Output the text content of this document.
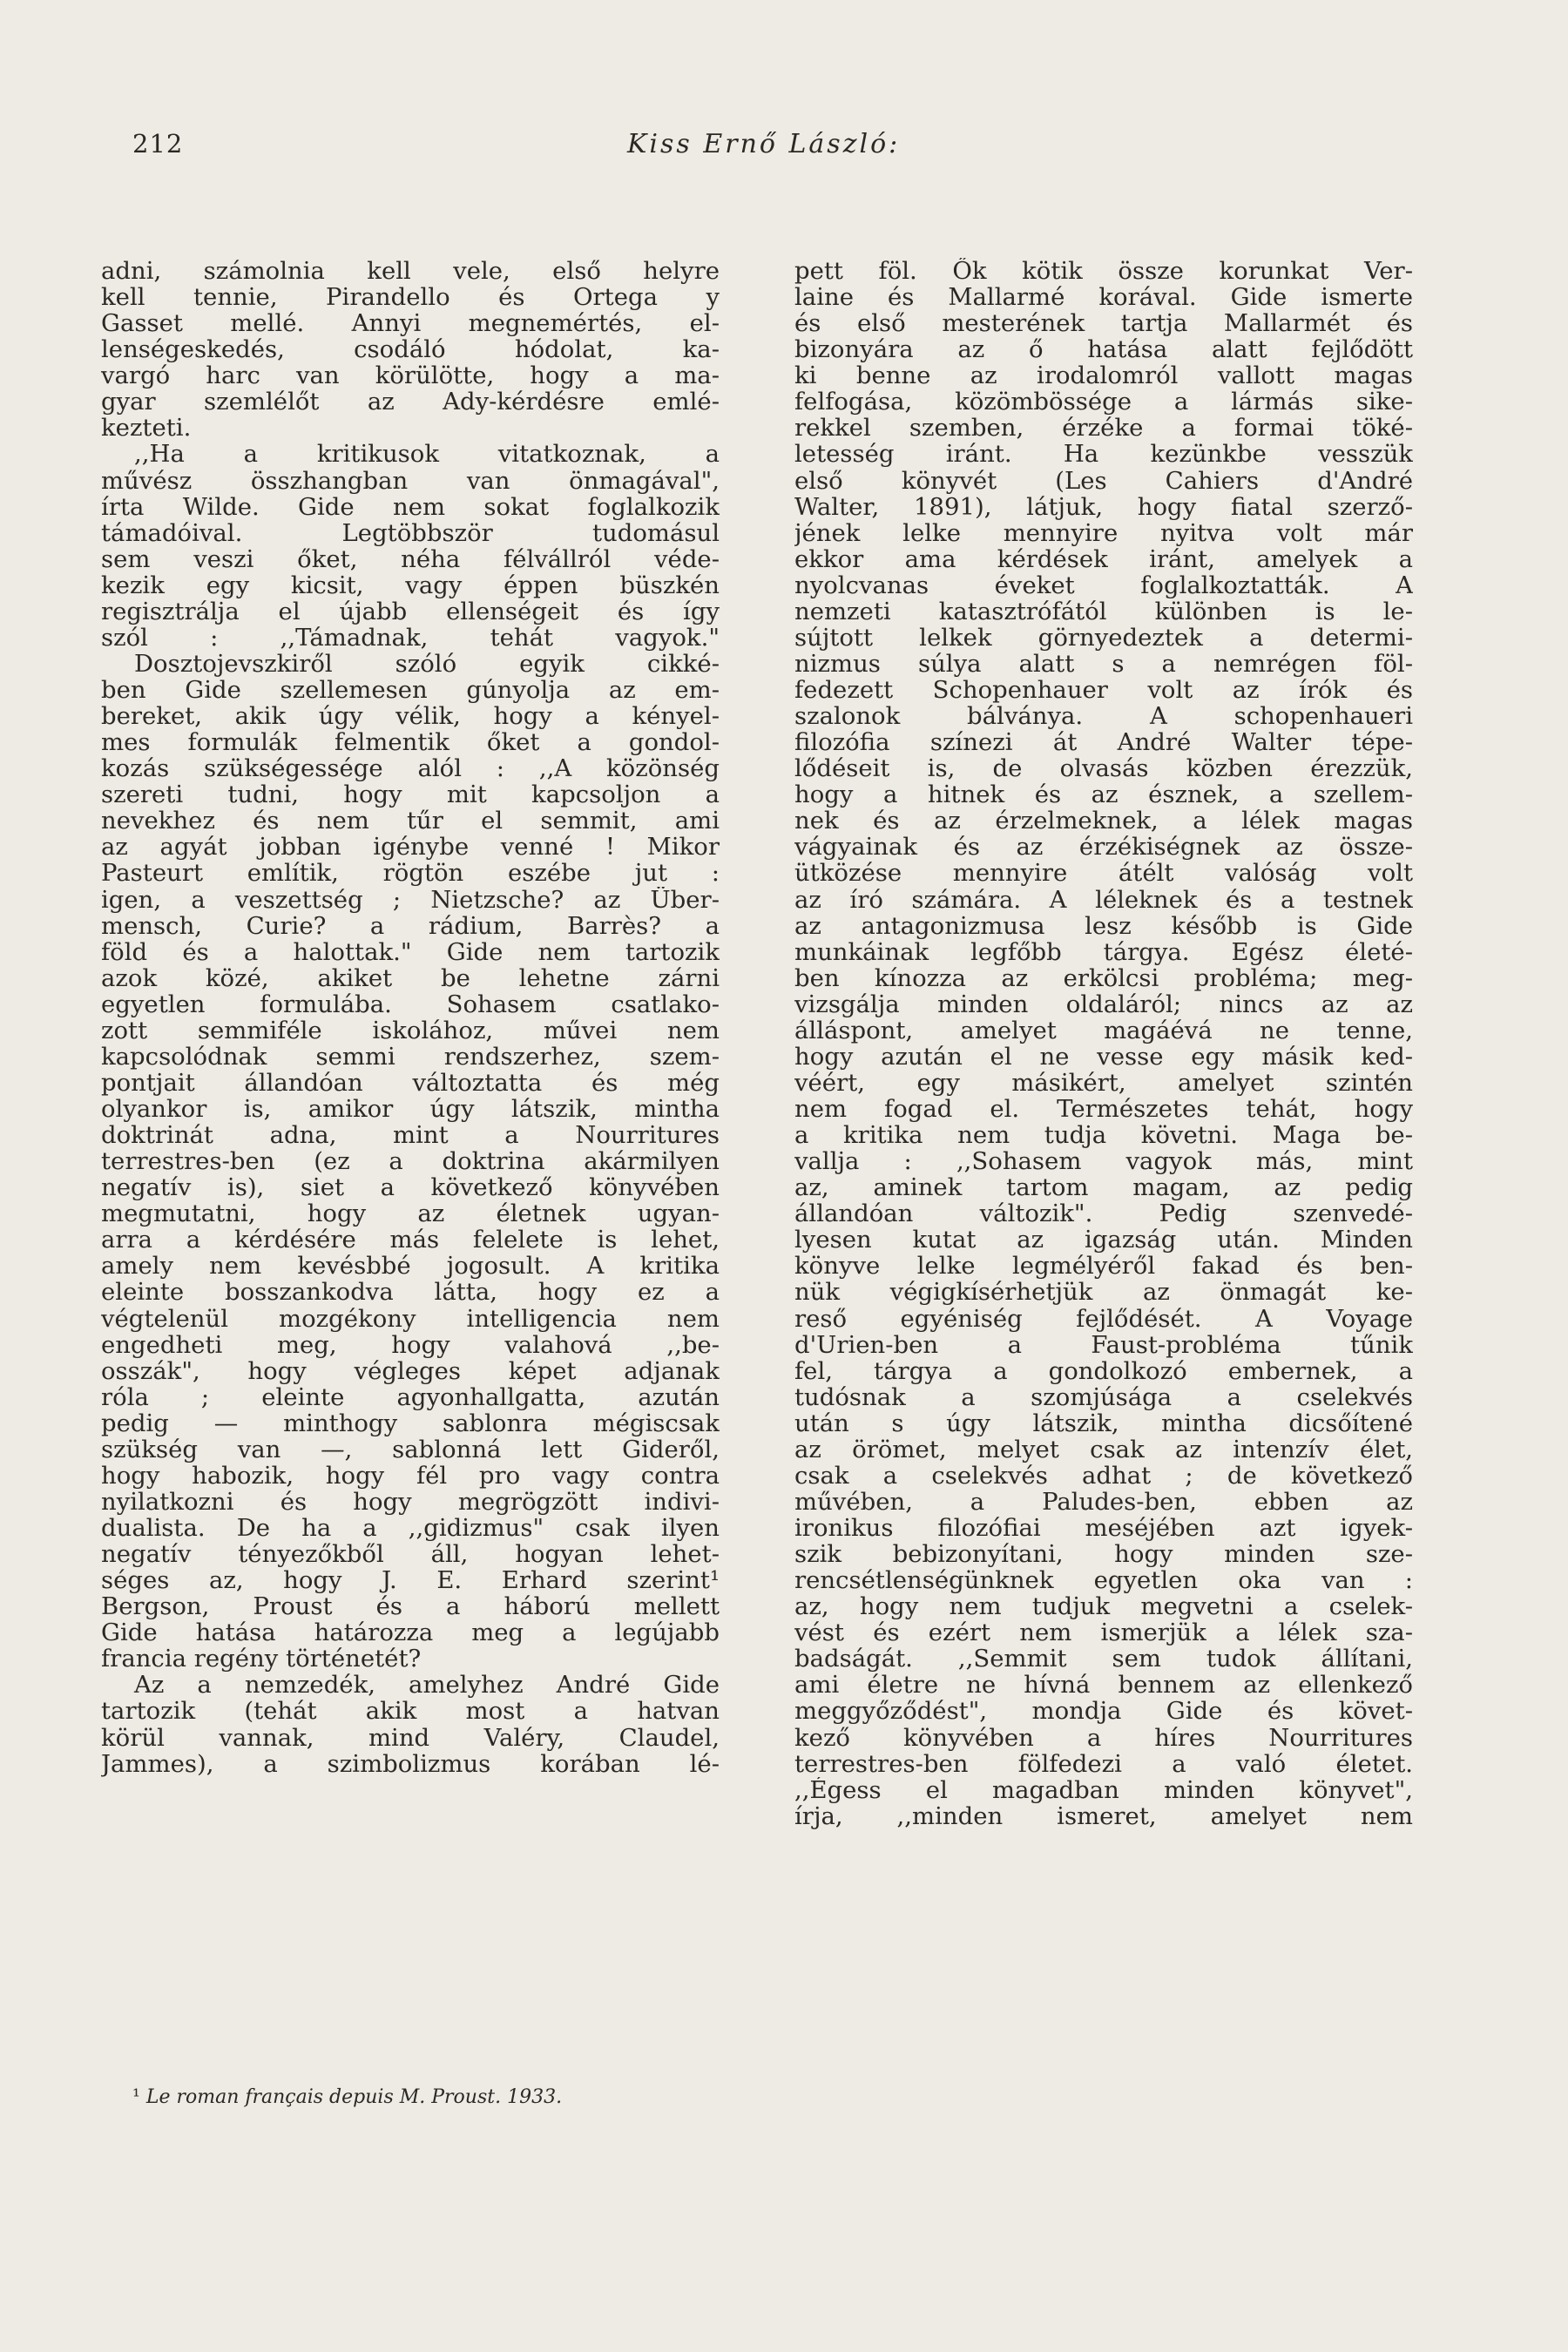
212	Kiss Ernő László:
adni, számolnia kell vele, első helyre
kell tennie, Pirandello és Ortega y
Gasset mellé. Annyi megnemértés, el-
lenségeskedés, csodáló hódolat, ka-
vargó harc van körülötte, hogy a ma-
gyar szemlélőt az Ady-kérdésre emlé-
kezteti.
,,Ha a kritikusok vitatkoznak, a
művész összhangban van önmagával",
írta Wilde. Gide nem sokat foglalkozik
támadóival. Legtöbbször tudomásul
sem veszi őket, néha félvállról véde-
kezik egy kicsit, vagy éppen büszkén
regisztrálja el újabb ellenségeit és így
szól : ,,Támadnak, tehát vagyok."
Dosztojevszkiről szóló egyik cikké-
ben Gide szellemesen gúnyolja az em-
bereket, akik úgy vélik, hogy a kényel-
mes formulák felmentik őket a gondol-
kozás szükségessége alól : ,,A közönség
szereti tudni, hogy mit kapcsoljon a
nevekhez és nem tűr el semmit, ami
az agyát jobban igénybe venné ! Mikor
Pasteurt említik, rögtön eszébe jut :
igen, a veszettség ; Nietzsche? az Über-
mensch, Curie? a rádium, Barrès? a
föld és a halottak." Gide nem tartozik
azok közé, akiket be lehetne zárni
egyetlen formulába. Sohasem csatlako-
zott semmiféle iskolához, művei nem
kapcsolódnak semmi rendszerhez, szem-
pontjait állandóan változtatta és még
olyankor is, amikor úgy látszik, mintha
doktrinát adna, mint a Nourritures
terrestres-ben (ez a doktrina akármilyen
negatív is), siet a következő könyvében
megmutatni, hogy az életnek ugyan-
arra a kérdésére más felelete is lehet,
amely nem kevésbbé jogosult. A kritika
eleinte bosszankodva látta, hogy ez a
végtelenül mozgékony intelligencia nem
engedheti meg, hogy valahová ,,be-
osszák", hogy végleges képet adjanak
róla ; eleinte agyonhallgatta, azután
pedig — minthogy sablonra mégiscsak
szükség van —, sablonná lett Gideről,
hogy habozik, hogy fél pro vagy contra
nyilatkozni és hogy megrögzött indivi-
dualista. De ha a ,,gidizmus" csak ilyen
negatív tényezőkből áll, hogyan lehet-
séges az, hogy J. E. Erhard szerint¹
Bergson, Proust és a háború mellett
Gide hatása határozza meg a legújabb
francia regény történetét?
Az a nemzedék, amelyhez André Gide
tartozik (tehát akik most a hatvan
körül vannak, mind Valéry, Claudel,
Jammes), a szimbolizmus korában lé-
pett föl. Ők kötik össze korunkat Ver-
laine és Mallarmé korával. Gide ismerte
és első mesterének tartja Mallarmét és
bizonyára az ő hatása alatt fejlődött
ki benne az irodalomról vallott magas
felfogása, közömbössége a lármás sike-
rekkel szemben, érzéke a formai töké-
letesség iránt. Ha kezünkbe vesszük
első könyvét (Les Cahiers d'André
Walter, 1891), látjuk, hogy fiatal szerző-
jének lelke mennyire nyitva volt már
ekkor ama kérdések iránt, amelyek a
nyolcvanas éveket foglalkoztatták. A
nemzeti katasztrófától különben is le-
sújtott lelkek görnyedeztek a determi-
nizmus súlya alatt s a nemrégen föl-
fedezett Schopenhauer volt az írók és
szalonok bálványa. A schopenhaueri
filozófia színezi át André Walter tépe-
lődéseit is, de olvasás közben érezzük,
hogy a hitnek és az észnek, a szellem-
nek és az érzelmeknek, a lélek magas
vágyainak és az érzékiségnek az össze-
ütközése mennyire átélt valóság volt
az író számára. A léleknek és a testnek
az antagonizmusa lesz később is Gide
munkáinak legfőbb tárgya. Egész életé-
ben kínozza az erkölcsi probléma; meg-
vizsgálja minden oldaláról; nincs az az
álláspont, amelyet magáévá ne tenne,
hogy azután el ne vesse egy másik ked-
véért, egy másikért, amelyet szintén
nem fogad el. Természetes tehát, hogy
a kritika nem tudja követni. Maga be-
vallja : ,,Sohasem vagyok más, mint
az, aminek tartom magam, az pedig
állandóan változik". Pedig szenvedé-
lyesen kutat az igazság után. Minden
könyve lelke legmélyéről fakad és ben-
nük végigkísérhetjük az önmagát ke-
reső egyéniség fejlődését. A Voyage
d'Urien-ben a Faust-probléma tűnik
fel, tárgya a gondolkozó embernek, a
tudósnak a szomjúsága a cselekvés
után s úgy látszik, mintha dicsőítené
az örömet, melyet csak az intenzív élet,
csak a cselekvés adhat ; de következő
művében, a Paludes-ben, ebben az
ironikus filozófiai meséjében azt igyek-
szik bebizonyítani, hogy minden sze-
rencsétlenségünknek egyetlen oka van :
az, hogy nem tudjuk megvetni a cselek-
vést és ezért nem ismerjük a lélek sza-
badságát. ,,Semmit sem tudok állítani,
ami életre ne hívná bennem az ellenkező
meggyőződést", mondja Gide és követ-
kező könyvében a híres Nourritures
terrestres-ben fölfedezi a való életet.
,,Égess el magadban minden könyvet",
írja, ,,minden ismeret, amelyet nem
¹ Le roman français depuis M. Proust. 1933.
